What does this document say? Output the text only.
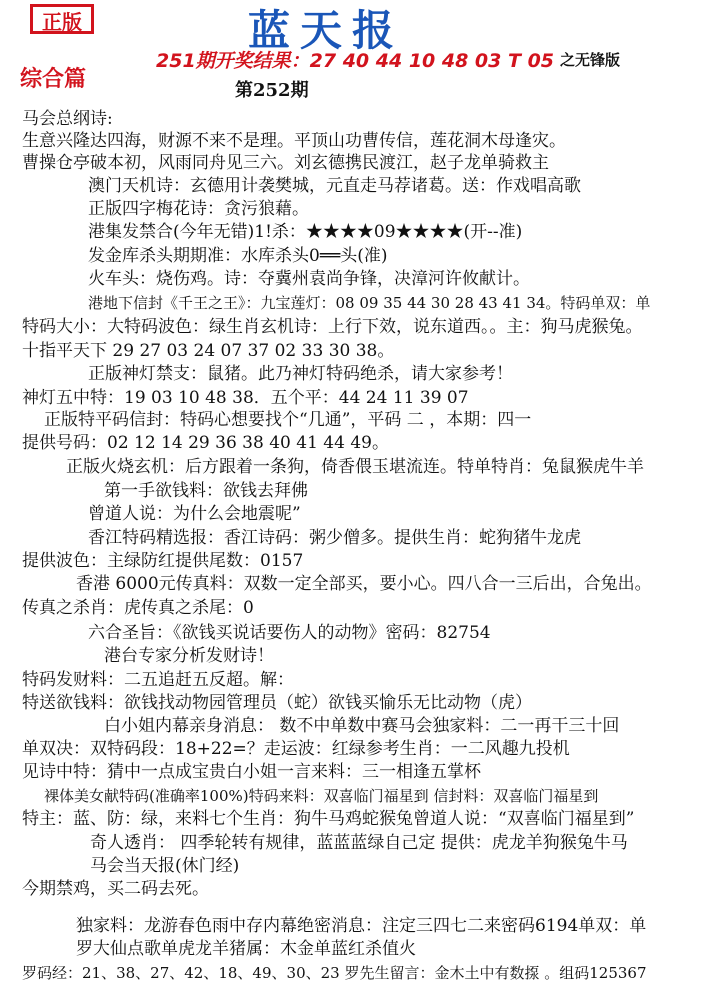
正版	蓝天报
251期开奖结果：27 40 44 10 48 03 T 05 之无锋版
综合篇	第252期
马会总纲诗:
生意兴隆达四海，财源不来不是理。平顶山功曹传信，莲花洞木母逢灾。
曹操仓亭破本初，风雨同舟见三六。刘玄德携民渡江，赵子龙单骑救主
澳门天机诗：玄德用计袭樊城，元直走马荐诸葛。送：作戏唱高歌
正版四字梅花诗：贪污狼藉。
港集发禁合(今年无错)1!杀：★★★★09★★★★(开--准)
发金库杀头期期准：水库杀头0══头(准)
火车头：烧伤鸡。诗：夺冀州袁尚争锋，决漳河许攸献计。
港地下信封《千王之王》：九宝莲灯：08 09 35 44 30 28 43 41 34。特码单双：单
特码大小：大特码波色：绿生肖玄机诗：上行下效，说东道西。。主：狗马虎猴兔。
十指平天下 29 27 03 24 07 37 02 33 30 38。
正版神灯禁支：鼠猪。此乃神灯特码绝杀，请大家参考！
神灯五中特：19 03 10 48 38．五个平：44 24 11 39 07
正版特平码信封：特码心想要找个“几通”，平码 二 ，本期：四一
提供号码：02 12 14 29 36 38 40 41 44 49。
正版火烧玄机：后方跟着一条狗，倚香偎玉堪流连。特单特肖：兔鼠猴虎牛羊
第一手欲钱料：欲钱去拜佛
曾道人说：为什么会地震呢”
香江特码精选报：香江诗码：粥少僧多。提供生肖：蛇狗猪牛龙虎
提供波色：主绿防红提供尾数：0157
香港 6000元传真料：双数一定全部买，要小心。四八合一三后出，合兔出。
传真之杀肖：虎传真之杀尾：0
六合圣旨：《欲钱买说话要伤人的动物》密码：82754
港台专家分析发财诗！
特码发财料：二五追赶五反超。解：
特送欲钱料：欲钱找动物园管理员（蛇）欲钱买愉乐无比动物（虎）
白小姐内幕亲身消息： 数不中单数中赛马会独家料：二一再干三十回
单双决：双特码段：18+22=？走运波：红绿参考生肖：一二风趣九投机
见诗中特：猜中一点成宝贵白小姐一言来料：三一相逢五掌杯
裸体美女献特码(准确率100%)特码来料：双喜临门福星到 信封料：双喜临门福星到
特主：蓝、防：绿，来料七个生肖：狗牛马鸡蛇猴兔曾道人说：“双喜临门福星到”
奇人透肖： 四季轮转有规律，蓝蓝蓝绿自己定 提供：虎龙羊狗猴兔牛马
马会当天报(休门经)
今期禁鸡，买二码去死。
独家料：龙游春色雨中存内幕绝密消息：注定三四七二来密码6194单双：单
罗大仙点歌单虎龙羊猪属：木金单蓝红杀值火
罗码经：21、38、27、42、18、49、30、23 罗先生留言：金木土中有数揼 。组码125367
